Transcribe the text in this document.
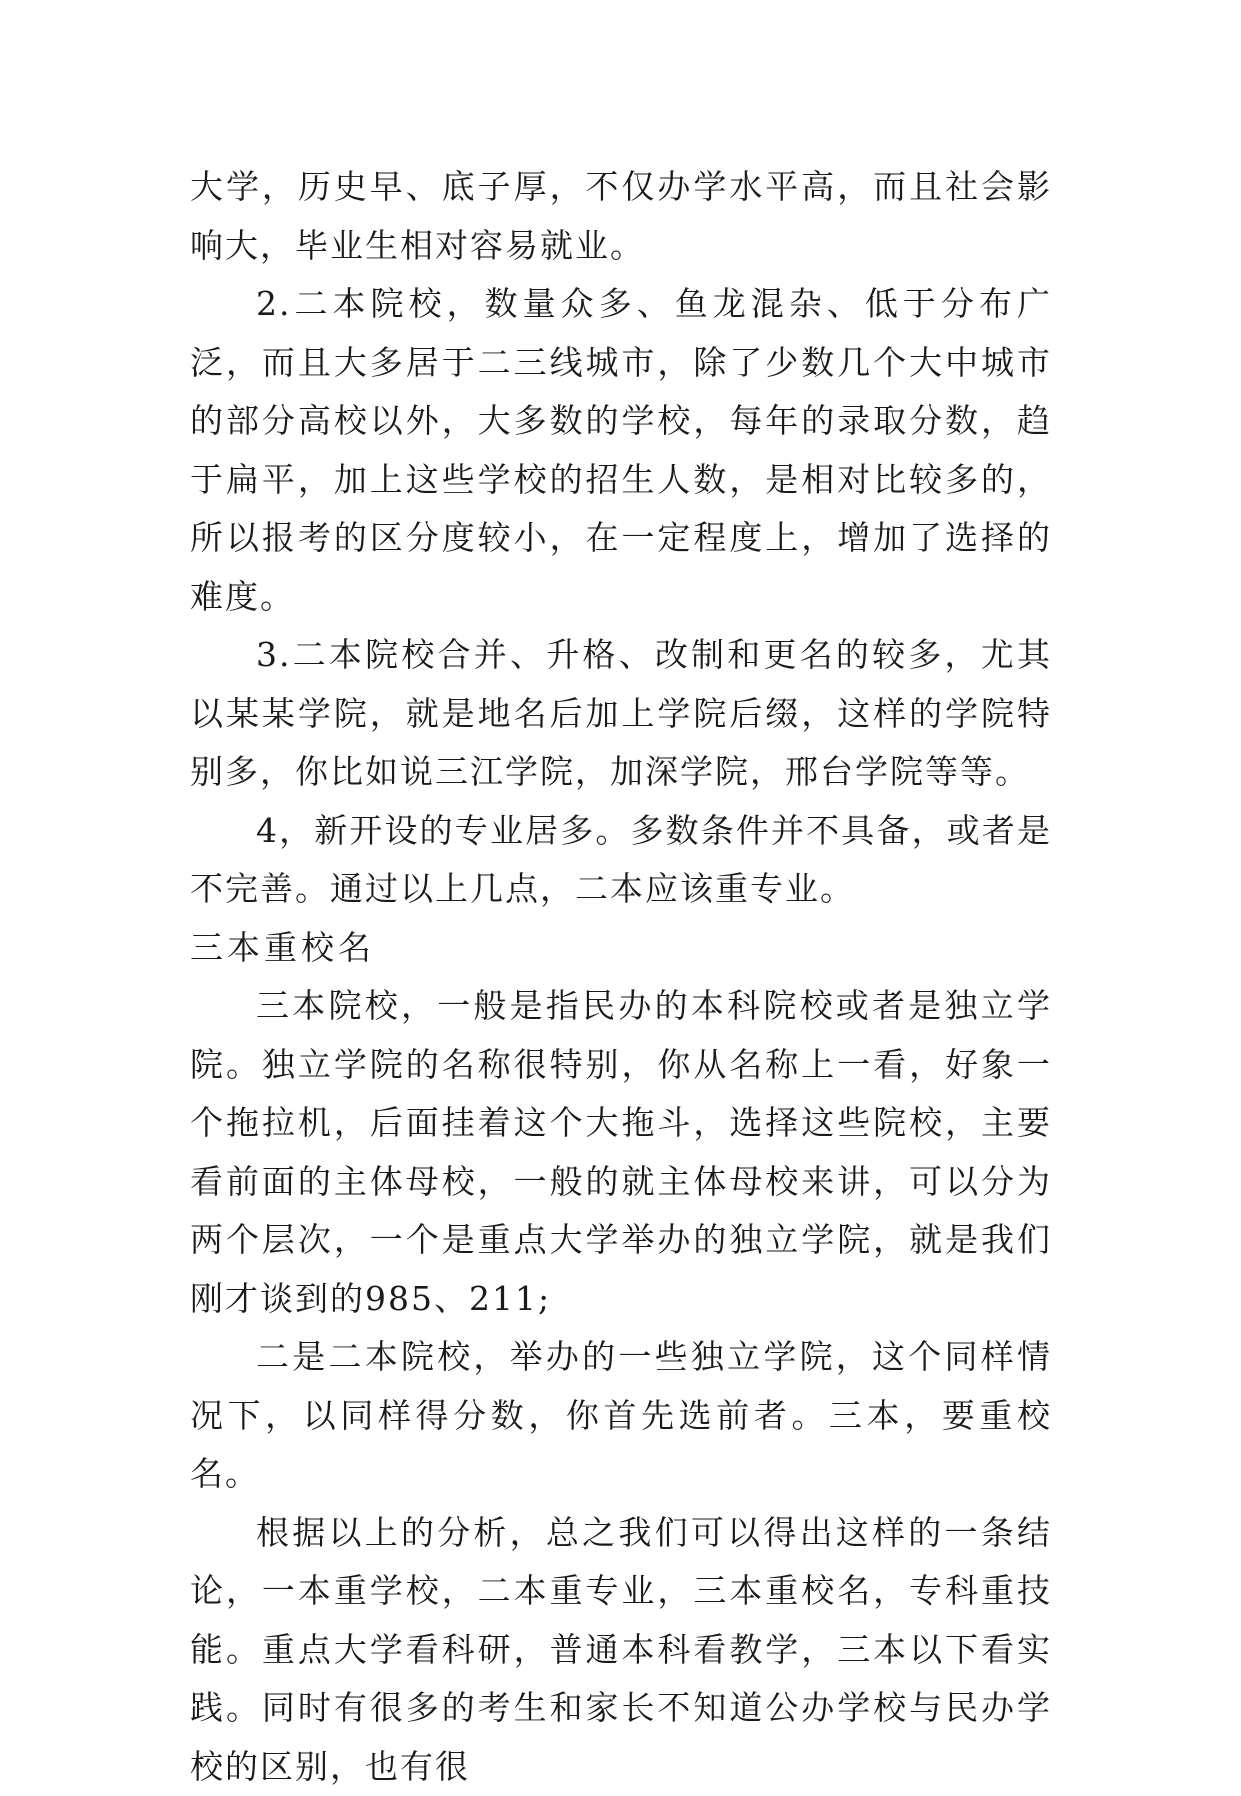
大学，历史早、底子厚，不仅办学水平高，而且社会影响大，毕业生相对容易就业。

2.二本院校，数量众多、鱼龙混杂、低于分布广泛，而且大多居于二三线城市，除了少数几个大中城市的部分高校以外，大多数的学校，每年的录取分数，趋于扁平，加上这些学校的招生人数，是相对比较多的，所以报考的区分度较小，在一定程度上，增加了选择的难度。

3.二本院校合并、升格、改制和更名的较多，尤其以某某学院，就是地名后加上学院后缀，这样的学院特别多，你比如说三江学院，加深学院，邢台学院等等。

4，新开设的专业居多。多数条件并不具备，或者是不完善。通过以上几点，二本应该重专业。

三本重校名

三本院校，一般是指民办的本科院校或者是独立学院。独立学院的名称很特别，你从名称上一看，好象一个拖拉机，后面挂着这个大拖斗，选择这些院校，主要看前面的主体母校，一般的就主体母校来讲，可以分为两个层次，一个是重点大学举办的独立学院，就是我们刚才谈到的985、211;

二是二本院校，举办的一些独立学院，这个同样情况下，以同样得分数，你首先选前者。三本，要重校名。

根据以上的分析，总之我们可以得出这样的一条结论，一本重学校，二本重专业，三本重校名，专科重技能。重点大学看科研，普通本科看教学，三本以下看实践。同时有很多的考生和家长不知道公办学校与民办学校的区别，也有很
